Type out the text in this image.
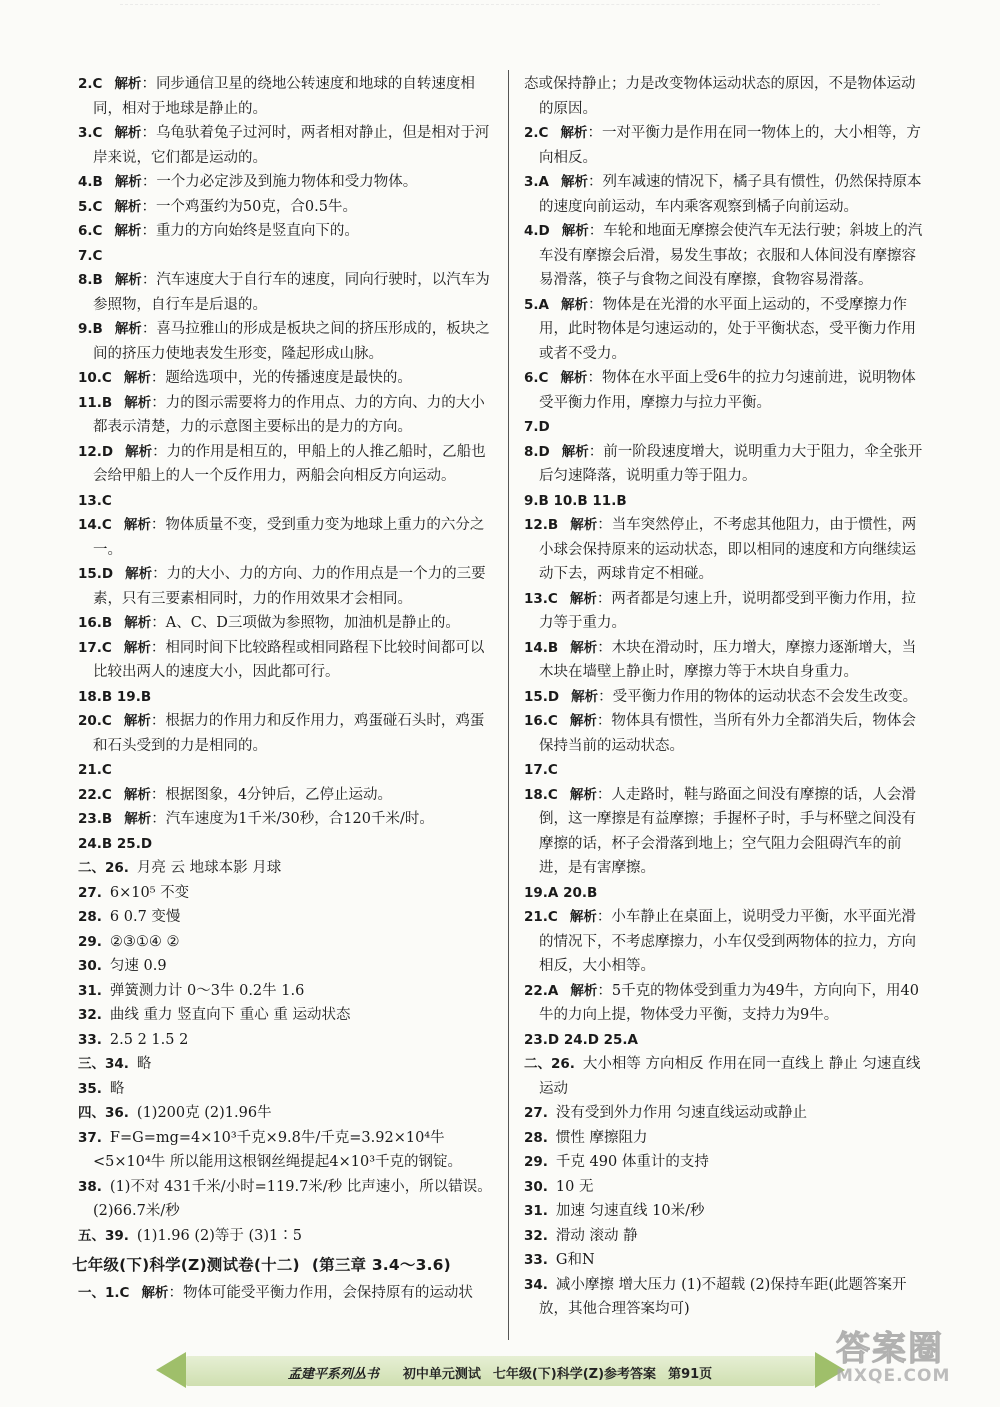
2.C 解析：同步通信卫星的绕地公转速度和地球的自转速度相同，相对于地球是静止的。
3.C 解析：乌龟驮着兔子过河时，两者相对静止，但是相对于河岸来说，它们都是运动的。
4.B 解析：一个力必定涉及到施力物体和受力物体。
5.C 解析：一个鸡蛋约为50克，合0.5牛。
6.C 解析：重力的方向始终是竖直向下的。
7.C
8.B 解析：汽车速度大于自行车的速度，同向行驶时，以汽车为参照物，自行车是后退的。
9.B 解析：喜马拉雅山的形成是板块之间的挤压形成的，板块之间的挤压力使地表发生形变，隆起形成山脉。
10.C 解析：题给选项中，光的传播速度是最快的。
11.B 解析：力的图示需要将力的作用点、力的方向、力的大小都表示清楚，力的示意图主要标出的是力的方向。
12.D 解析：力的作用是相互的，甲船上的人推乙船时，乙船也会给甲船上的人一个反作用力，两船会向相反方向运动。
13.C
14.C 解析：物体质量不变，受到重力变为地球上重力的六分之一。
15.D 解析：力的大小、力的方向、力的作用点是一个力的三要素，只有三要素相同时，力的作用效果才会相同。
16.B 解析：A、C、D三项做为参照物，加油机是静止的。
17.C 解析：相同时间下比较路程或相同路程下比较时间都可以比较出两人的速度大小，因此都可行。
18.B 19.B
20.C 解析：根据力的作用力和反作用力，鸡蛋碰石头时，鸡蛋和石头受到的力是相同的。
21.C
22.C 解析：根据图象，4分钟后，乙停止运动。
23.B 解析：汽车速度为1千米/30秒，合120千米/时。
24.B 25.D
二、26. 月亮 云 地球本影 月球
27. 6×10⁵ 不变
28. 6 0.7 变慢
29. ②③①④ ②
30. 匀速 0.9
31. 弹簧测力计 0～3牛 0.2牛 1.6
32. 曲线 重力 竖直向下 重心 重 运动状态
33. 2.5 2 1.5 2
三、34. 略
35. 略
四、36. (1)200克 (2)1.96牛
37. F=G=mg=4×10³千克×9.8牛/千克=3.92×10⁴牛<5×10⁴牛 所以能用这根钢丝绳提起4×10³千克的钢锭。
38. (1)不对 431千米/小时=119.7米/秒 比声速小，所以错误。 (2)66.7米/秒
五、39. (1)1.96 (2)等于 (3)1∶5
七年级(下)科学(Z)测试卷(十二) (第三章 3.4～3.6)
一、1.C 解析：物体可能受平衡力作用，会保持原有的运动状
态或保持静止；力是改变物体运动状态的原因，不是物体运动的原因。
2.C 解析：一对平衡力是作用在同一物体上的，大小相等，方向相反。
3.A 解析：列车减速的情况下，橘子具有惯性，仍然保持原本的速度向前运动，车内乘客观察到橘子向前运动。
4.D 解析：车轮和地面无摩擦会使汽车无法行驶；斜坡上的汽车没有摩擦会后滑，易发生事故；衣服和人体间没有摩擦容易滑落，筷子与食物之间没有摩擦，食物容易滑落。
5.A 解析：物体是在光滑的水平面上运动的，不受摩擦力作用，此时物体是匀速运动的，处于平衡状态，受平衡力作用或者不受力。
6.C 解析：物体在水平面上受6牛的拉力匀速前进，说明物体受平衡力作用，摩擦力与拉力平衡。
7.D
8.D 解析：前一阶段速度增大，说明重力大于阻力，伞全张开后匀速降落，说明重力等于阻力。
9.B 10.B 11.B
12.B 解析：当车突然停止，不考虑其他阻力，由于惯性，两小球会保持原来的运动状态，即以相同的速度和方向继续运动下去，两球肯定不相碰。
13.C 解析：两者都是匀速上升，说明都受到平衡力作用，拉力等于重力。
14.B 解析：木块在滑动时，压力增大，摩擦力逐渐增大，当木块在墙壁上静止时，摩擦力等于木块自身重力。
15.D 解析：受平衡力作用的物体的运动状态不会发生改变。
16.C 解析：物体具有惯性，当所有外力全都消失后，物体会保持当前的运动状态。
17.C
18.C 解析：人走路时，鞋与路面之间没有摩擦的话，人会滑倒，这一摩擦是有益摩擦；手握杯子时，手与杯壁之间没有摩擦的话，杯子会滑落到地上；空气阻力会阻碍汽车的前进，是有害摩擦。
19.A 20.B
21.C 解析：小车静止在桌面上，说明受力平衡，水平面光滑的情况下，不考虑摩擦力，小车仅受到两物体的拉力，方向相反，大小相等。
22.A 解析：5千克的物体受到重力为49牛，方向向下，用40牛的力向上提，物体受力平衡，支持力为9牛。
23.D 24.D 25.A
二、26. 大小相等 方向相反 作用在同一直线上 静止 匀速直线运动
27. 没有受到外力作用 匀速直线运动或静止
28. 惯性 摩擦阻力
29. 千克 490 体重计的支持
30. 10 无
31. 加速 匀速直线 10米/秒
32. 滑动 滚动 静
33. G和N
34. 减小摩擦 增大压力 (1)不超载 (2)保持车距(此题答案开放，其他合理答案均可)
孟建平系列丛书 初中单元测试 七年级(下)科学(Z)参考答案 第91页
答案圈
MXQE.COM
